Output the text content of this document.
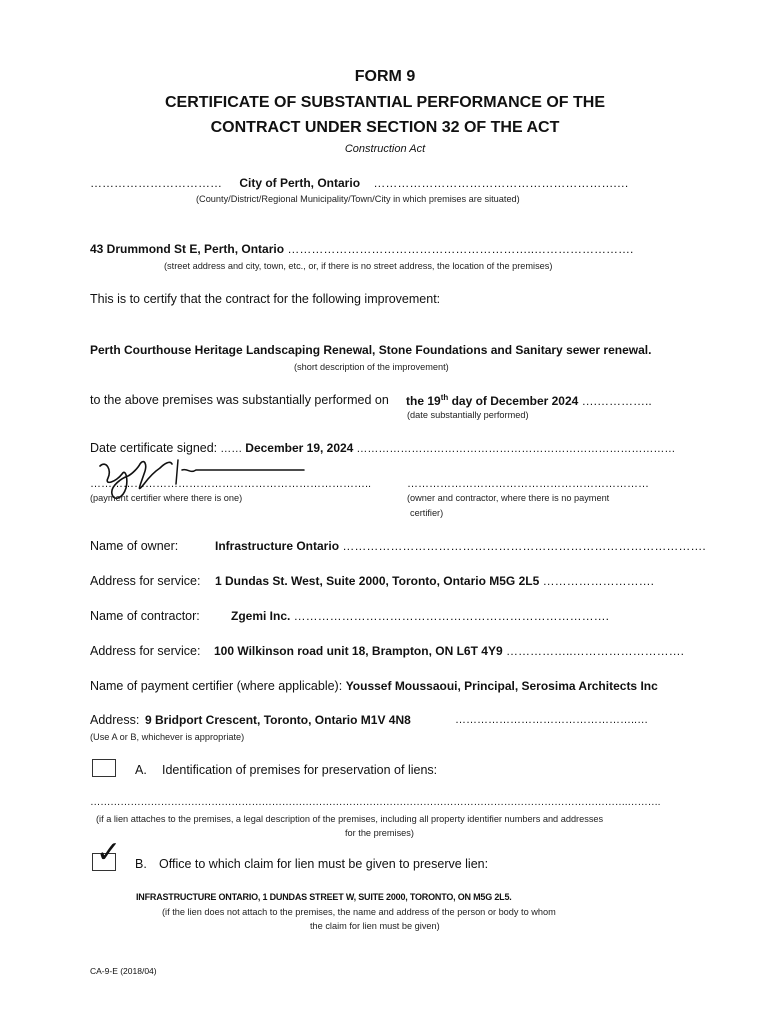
FORM 9
CERTIFICATE OF SUBSTANTIAL PERFORMANCE OF THE
CONTRACT UNDER SECTION 32 OF THE ACT
Construction Act
…………………………… City of Perth, Ontario …………………………………………………….…
(County/District/Regional Municipality/Town/City in which premises are situated)
43 Drummond St E, Perth, Ontario ……………………………………………………..…………………….
(street address and city, town, etc., or, if there is no street address, the location of the premises)
This is to certify that the contract for the following improvement:
Perth Courthouse Heritage Landscaping Renewal, Stone Foundations and Sanitary sewer renewal.
(short description of the improvement)
to the above premises was substantially performed on the 19th day of December 2024 ….…………..
(date substantially performed)
Date certificate signed: …… December 19, 2024 ……………………………………………………………………………
…………………………………………………………………..
(payment certifier where there is one)
…………………………………………………………
(owner and contractor, where there is no payment
certifier)
Name of owner:	Infrastructure Ontario ……………………………………………………………………………….
Address for service: 1 Dundas St. West, Suite 2000, Toronto, Ontario M5G 2L5 ……………………….
Name of contractor:	Zgemi Inc. …………………………………………………………………….
Address for service: 100 Wilkinson road unit 18, Brampton, ON L6T 4Y9 ……………..……………………….
Name of payment certifier (where applicable): Youssef Moussaoui, Principal, Serosima Architects Inc
Address: 9 Bridport Crescent, Toronto, Ontario M1V 4N8	…………………………………………..…
(Use A or B, whichever is appropriate)
A. Identification of premises for preservation of liens:
…………………………………………………………………………………………………………………………………………….……….
(if a lien attaches to the premises, a legal description of the premises, including all property identifier numbers and addresses
for the premises)
✓ B. Office to which claim for lien must be given to preserve lien:
INFRASTRUCTURE ONTARIO, 1 DUNDAS STREET W, SUITE 2000, TORONTO, ON M5G 2L5.
(if the lien does not attach to the premises, the name and address of the person or body to whom
the claim for lien must be given)
CA-9-E (2018/04)
